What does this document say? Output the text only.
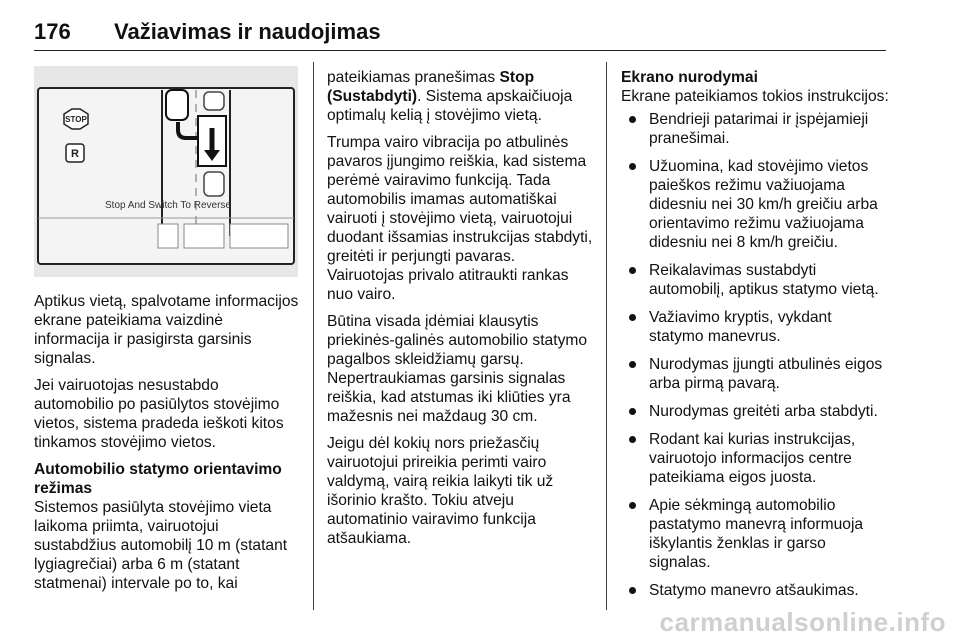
176 Važiavimas ir naudojimas
STOP
R
Stop And Switch To Reverse

Aptikus vietą, spalvotame informacijos ekrane pateikiama vaizdinė informacija ir pasigirsta garsinis signalas.

Jei vairuotojas nesustabdo automobilio po pasiūlytos stovėjimo vietos, sistema pradeda ieškoti kitos tinkamos stovėjimo vietos.

Automobilio statymo orientavimo režimas

Sistemos pasiūlyta stovėjimo vieta laikoma priimta, vairuotojui sustabdžius automobilį 10 m (statant lygiagrečiai) arba 6 m (statant statmenai) intervale po to, kai

pateikiamas pranešimas Stop (Sustabdyti). Sistema apskaičiuoja optimalų kelią į stovėjimo vietą.

Trumpa vairo vibracija po atbulinės pavaros įjungimo reiškia, kad sistema perėmė vairavimo funkciją. Tada automobilis imamas automatiškai vairuoti į stovėjimo vietą, vairuotojui duodant išsamias instrukcijas stabdyti, greitėti ir perjungti pavaras. Vairuotojas privalo atitraukti rankas nuo vairo.

Būtina visada įdėmiai klausytis priekinės-galinės automobilio statymo pagalbos skleidžiamų garsų. Nepertraukiamas garsinis signalas reiškia, kad atstumas iki kliūties yra mažesnis nei maždaug 30 cm.

Jeigu dėl kokių nors priežasčių vairuotojui prireikia perimti vairo valdymą, vairą reikia laikyti tik už išorinio krašto. Tokiu atveju automatinio vairavimo funkcija atšaukiama.

Ekrano nurodymai

Ekrane pateikiamos tokios instrukcijos:

Bendrieji patarimai ir įspėjamieji pranešimai.
Užuomina, kad stovėjimo vietos paieškos režimu važiuojama didesniu nei 30 km/h greičiu arba orientavimo režimu važiuojama didesniu nei 8 km/h greičiu.
Reikalavimas sustabdyti automobilį, aptikus statymo vietą.
Važiavimo kryptis, vykdant statymo manevrus.
Nurodymas įjungti atbulinės eigos arba pirmą pavarą.
Nurodymas greitėti arba stabdyti.
Rodant kai kurias instrukcijas, vairuotojo informacijos centre pateikiama eigos juosta.
Apie sėkmingą automobilio pastatymo manevrą informuoja iškylantis ženklas ir garso signalas.
Statymo manevro atšaukimas.
carmanualsonline.info
